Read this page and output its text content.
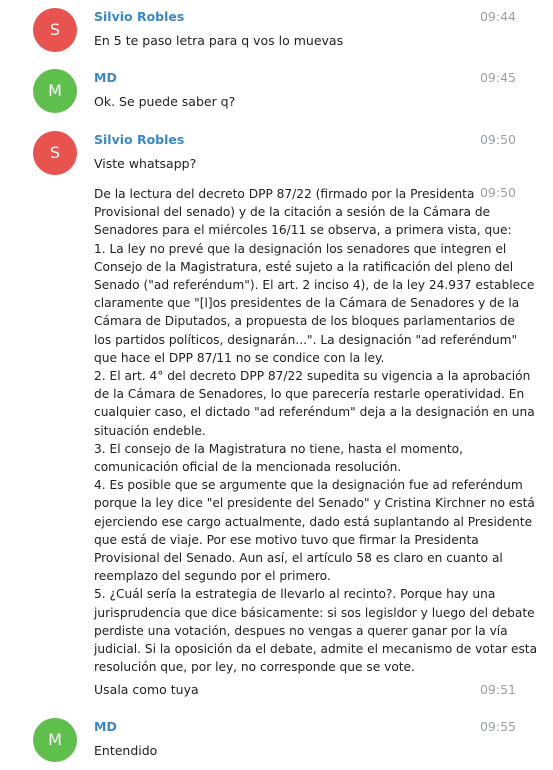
S
Silvio Robles	09:44
En 5 te paso letra para q vos lo muevas
M
MD	09:45
Ok. Se puede saber q?
S
Silvio Robles	09:50
Viste whatsapp?
09:50
De la lectura del decreto DPP 87/22 (firmado por la Presidenta
Provisional del senado) y de la citación a sesión de la Cámara de
Senadores para el miércoles 16/11 se observa, a primera vista, que:
1. La ley no prevé que la designación los senadores que integren el
Consejo de la Magistratura, esté sujeto a la ratificación del pleno del
Senado ("ad referéndum"). El art. 2 inciso 4), de la ley 24.937 establece
claramente que "[l]os presidentes de la Cámara de Senadores y de la
Cámara de Diputados, a propuesta de los bloques parlamentarios de
los partidos políticos, designarán...". La designación "ad referéndum"
que hace el DPP 87/11 no se condice con la ley.
2. El art. 4° del decreto DPP 87/22 supedita su vigencia a la aprobación
de la Cámara de Senadores, lo que parecería restarle operatividad. En
cualquier caso, el dictado "ad referéndum" deja a la designación en una
situación endeble.
3. El consejo de la Magistratura no tiene, hasta el momento,
comunicación oficial de la mencionada resolución.
4. Es posible que se argumente que la designación fue ad referéndum
porque la ley dice "el presidente del Senado" y Cristina Kirchner no está
ejerciendo ese cargo actualmente, dado está suplantando al Presidente
que está de viaje. Por ese motivo tuvo que firmar la Presidenta
Provisional del Senado. Aun así, el artículo 58 es claro en cuanto al
reemplazo del segundo por el primero.
5. ¿Cuál sería la estrategia de llevarlo al recinto?. Porque hay una
jurisprudencia que dice básicamente: si sos legisldor y luego del debate
perdiste una votación, despues no vengas a querer ganar por la vía
judicial. Si la oposición da el debate, admite el mecanismo de votar esta
resolución que, por ley, no corresponde que se vote.
09:51
Usala como tuya
M
MD	09:55
Entendido
